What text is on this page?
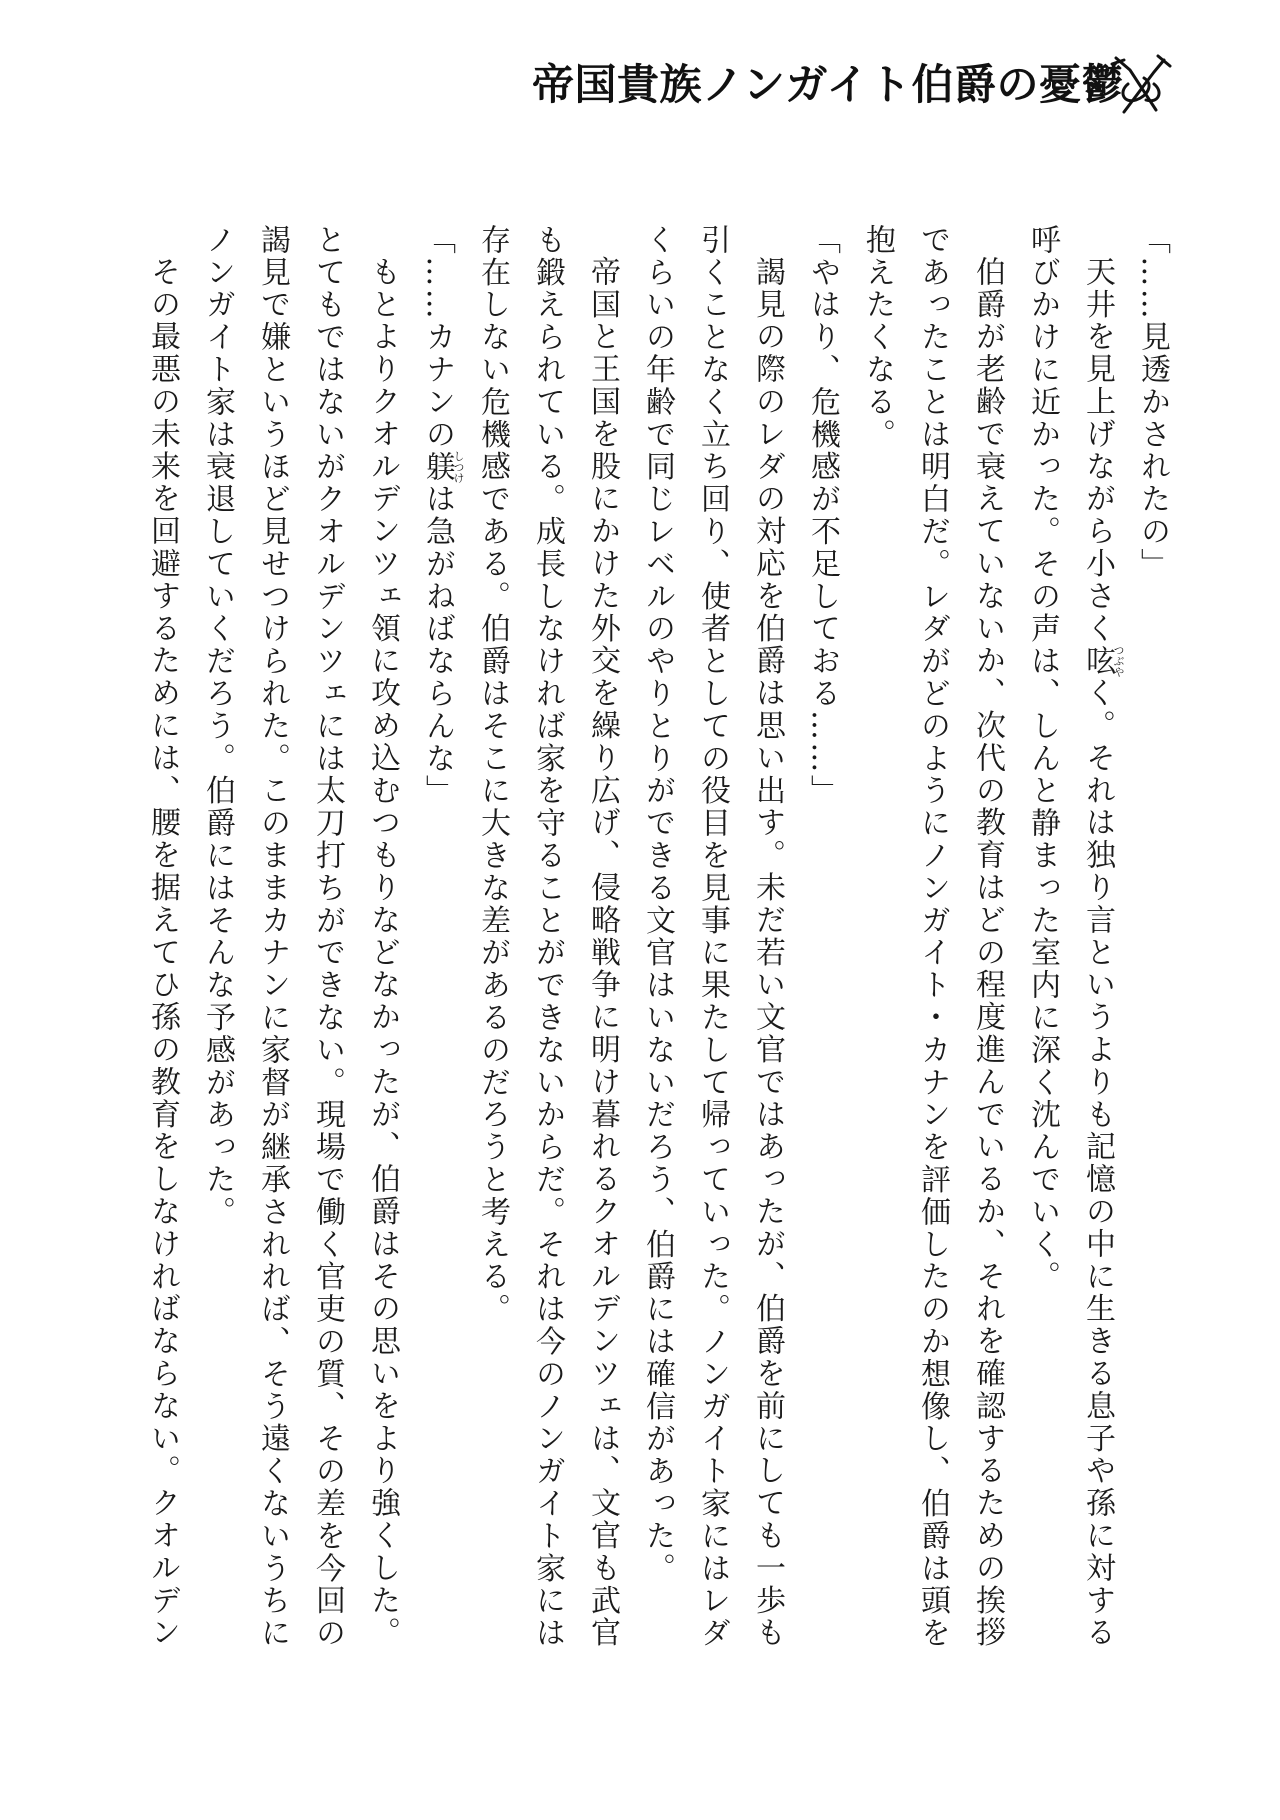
帝国貴族ノンガイト伯爵の憂鬱
「……見透かされたの」
天井を見上げながら小さく呟つぶやく。それは独り言というよりも記憶の中に生きる息子や孫に対する
呼びかけに近かった。その声は、しんと静まった室内に深く沈んでいく。
伯爵が老齢で衰えていないか、次代の教育はどの程度進んでいるか、それを確認するための挨拶
であったことは明白だ。レダがどのようにノンガイト・カナンを評価したのか想像し、伯爵は頭を
抱えたくなる。
「やはり、危機感が不足しておる……」
謁見の際のレダの対応を伯爵は思い出す。未だ若い文官ではあったが、伯爵を前にしても一歩も
引くことなく立ち回り、使者としての役目を見事に果たして帰っていった。ノンガイト家にはレダ
くらいの年齢で同じレベルのやりとりができる文官はいないだろう、伯爵には確信があった。
帝国と王国を股にかけた外交を繰り広げ、侵略戦争に明け暮れるクオルデンツェは、文官も武官
も鍛えられている。成長しなければ家を守ることができないからだ。それは今のノンガイト家には
存在しない危機感である。伯爵はそこに大きな差があるのだろうと考える。
「……カナンの躾しつけは急がねばならんな」
もとよりクオルデンツェ領に攻め込むつもりなどなかったが、伯爵はその思いをより強くした。
とてもではないがクオルデンツェには太刀打ちができない。現場で働く官吏の質、その差を今回の
謁見で嫌というほど見せつけられた。このままカナンに家督が継承されれば、そう遠くないうちに
ノンガイト家は衰退していくだろう。伯爵にはそんな予感があった。
その最悪の未来を回避するためには、腰を据えてひ孫の教育をしなければならない。クオルデン
